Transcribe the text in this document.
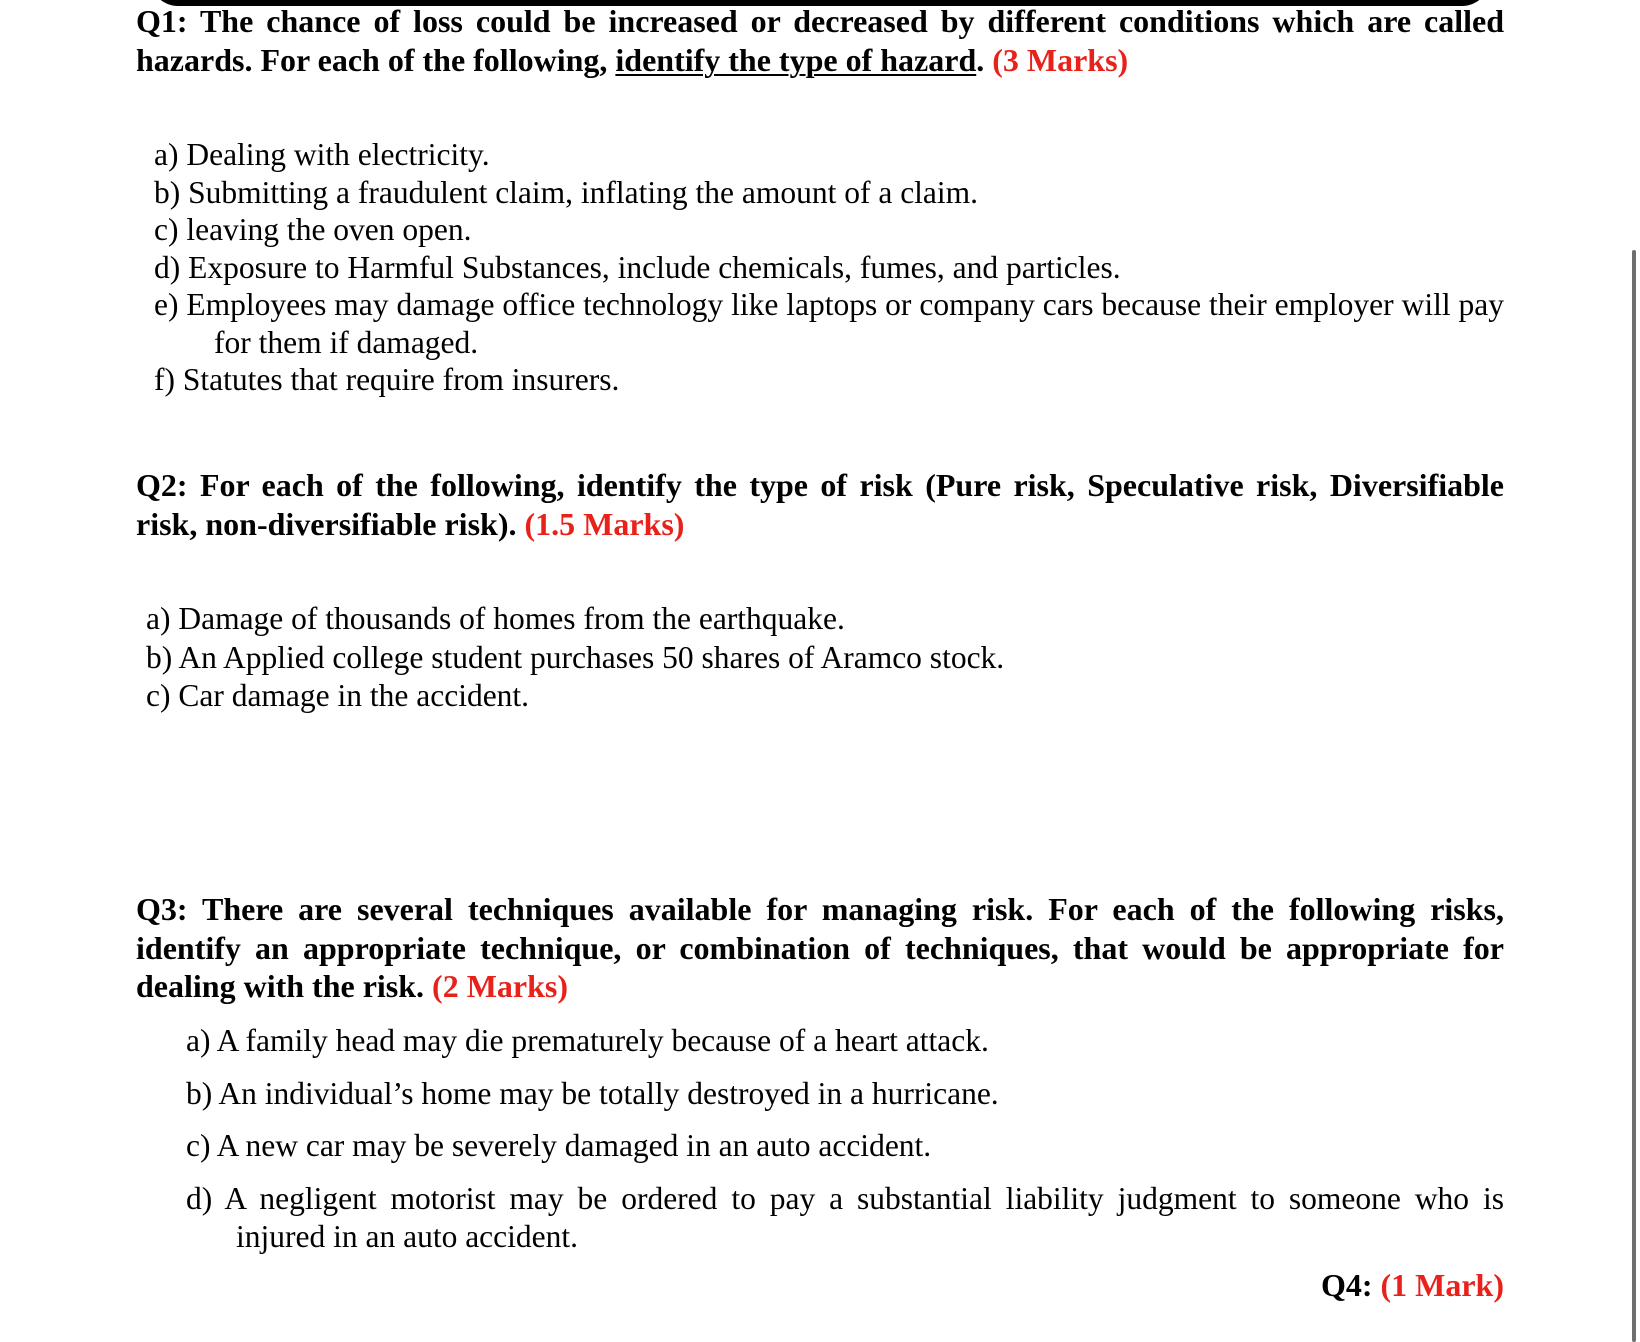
Q1: The chance of loss could be increased or decreased by different conditions which are called hazards. For each of the following, identify the type of hazard. (3 Marks)
a) Dealing with electricity.
b) Submitting a fraudulent claim, inflating the amount of a claim.
c) leaving the oven open.
d) Exposure to Harmful Substances, include chemicals, fumes, and particles.
e) Employees may damage office technology like laptops or company cars because their employer will pay for them if damaged.
f) Statutes that require from insurers.
Q2: For each of the following, identify the type of risk (Pure risk, Speculative risk, Diversifiable risk, non-diversifiable risk). (1.5 Marks)
a) Damage of thousands of homes from the earthquake.
b) An Applied college student purchases 50 shares of Aramco stock.
c) Car damage in the accident.
Q3: There are several techniques available for managing risk. For each of the following risks, identify an appropriate technique, or combination of techniques, that would be appropriate for dealing with the risk. (2 Marks)
a) A family head may die prematurely because of a heart attack.
b) An individual’s home may be totally destroyed in a hurricane.
c) A new car may be severely damaged in an auto accident.
d) A negligent motorist may be ordered to pay a substantial liability judgment to someone who is injured in an auto accident.
Q4: (1 Mark)
